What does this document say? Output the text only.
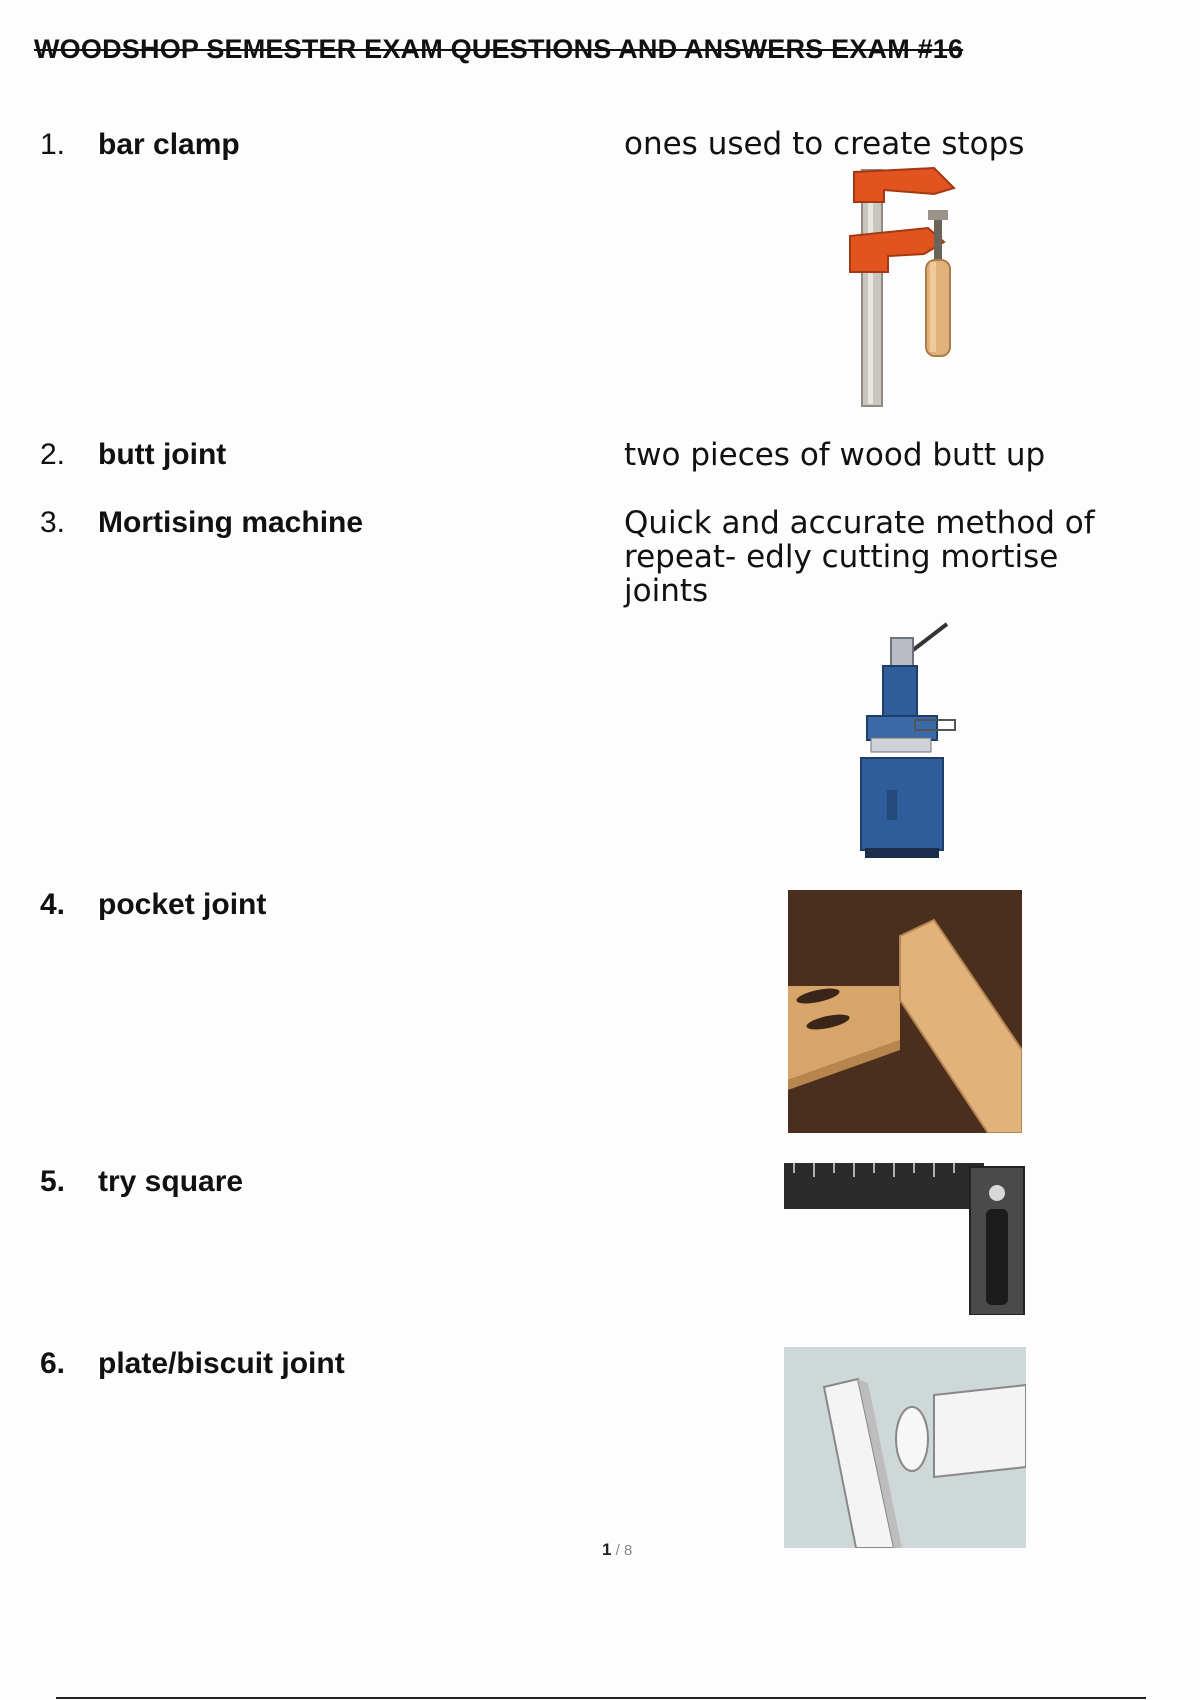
WOODSHOP SEMESTER EXAM QUESTIONS AND ANSWERS EXAM #16
1.	bar clamp	ones used to create stops
2.	butt joint	two pieces of wood butt up
3.	Mortising machine	Quick and accurate method of repeat- edly cutting mortise joints
4.	pocket joint
5.	try square
6.	plate/biscuit joint
1 / 8
